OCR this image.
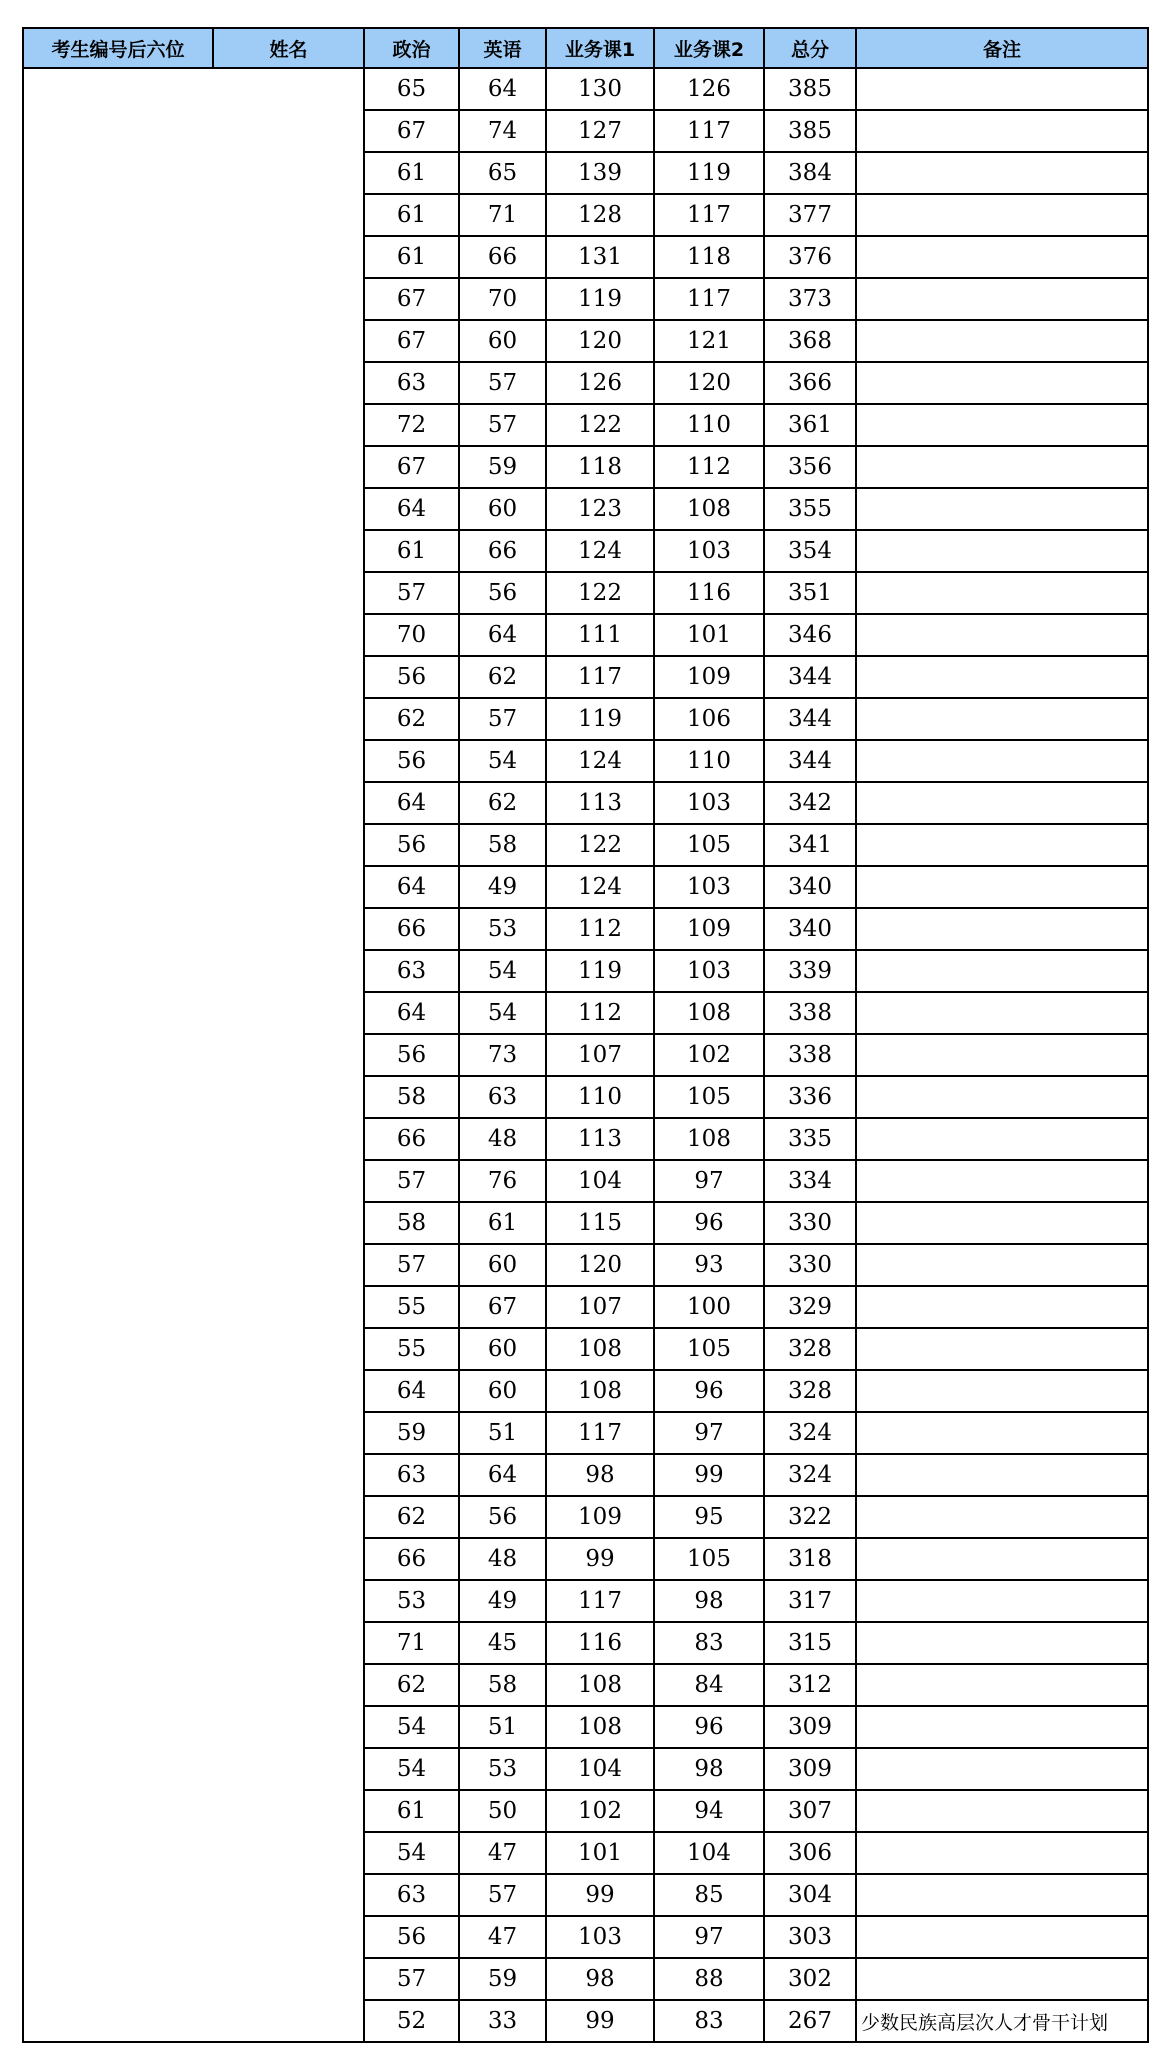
考生编号后六位	姓名	政治	英语	业务课1	业务课2	总分	备注
		65	64	130	126	385	
		67	74	127	117	385	
		61	65	139	119	384	
		61	71	128	117	377	
		61	66	131	118	376	
		67	70	119	117	373	
		67	60	120	121	368	
		63	57	126	120	366	
		72	57	122	110	361	
		67	59	118	112	356	
		64	60	123	108	355	
		61	66	124	103	354	
		57	56	122	116	351	
		70	64	111	101	346	
		56	62	117	109	344	
		62	57	119	106	344	
		56	54	124	110	344	
		64	62	113	103	342	
		56	58	122	105	341	
		64	49	124	103	340	
		66	53	112	109	340	
		63	54	119	103	339	
		64	54	112	108	338	
		56	73	107	102	338	
		58	63	110	105	336	
		66	48	113	108	335	
		57	76	104	97	334	
		58	61	115	96	330	
		57	60	120	93	330	
		55	67	107	100	329	
		55	60	108	105	328	
		64	60	108	96	328	
		59	51	117	97	324	
		63	64	98	99	324	
		62	56	109	95	322	
		66	48	99	105	318	
		53	49	117	98	317	
		71	45	116	83	315	
		62	58	108	84	312	
		54	51	108	96	309	
		54	53	104	98	309	
		61	50	102	94	307	
		54	47	101	104	306	
		63	57	99	85	304	
		56	47	103	97	303	
		57	59	98	88	302	
		52	33	99	83	267	少数民族高层次人才骨干计划
